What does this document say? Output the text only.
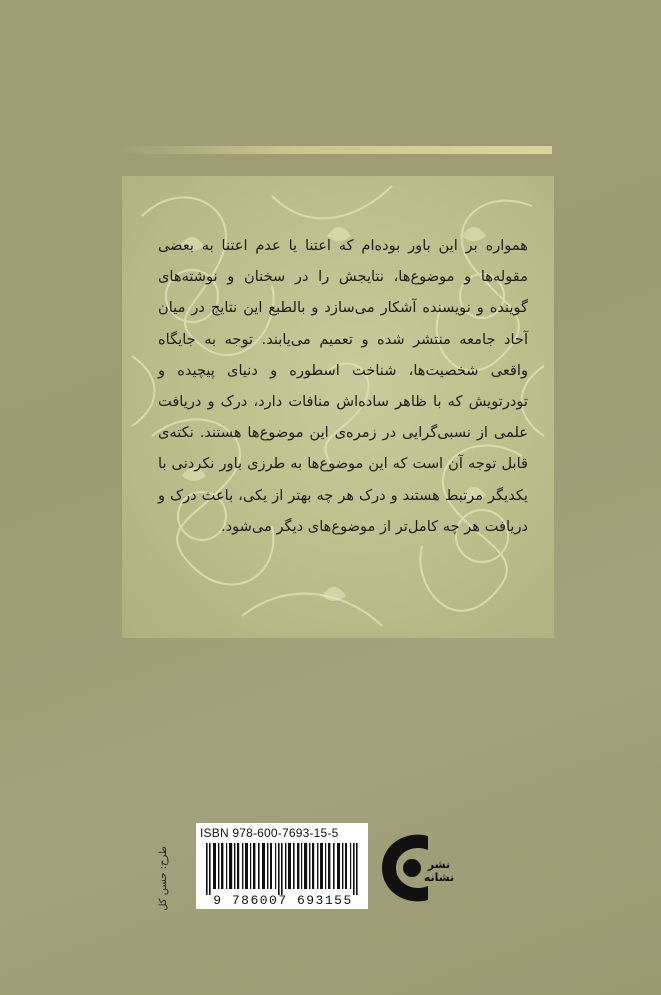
همواره بر این باور بوده‌ام که اعتنا یا عدم اعتنا به بعضی مقوله‌ها و موضوع‌ها، نتایجش را در سخنان و نوشته‌های گوینده و نویسنده آشکار می‌سازد و بالطبع این نتایج در میان آحاد جامعه منتشر شده و تعمیم می‌یابند. توجه به جایگاه واقعی شخصیت‌ها، شناخت اسطوره و دنیای پیچیده و تودرتویش که با ظاهر ساده‌اش منافات دارد، درک و دریافت علمی از نسبی‌گرایی در زمره‌ی این موضوع‌ها هستند. نکته‌ی قابل توجه آن است که این موضوع‌ها به طرزی باور نکردنی با یکدیگر مرتبط هستند و درک هر چه بهتر از یکی، باعث درک و دریافت هر چه کامل‌تر از موضوع‌های دیگر می‌شود.

طرح: حسن کل
ISBN 978-600-7693-15-5
9 786007 693155
نشر
نشانه
